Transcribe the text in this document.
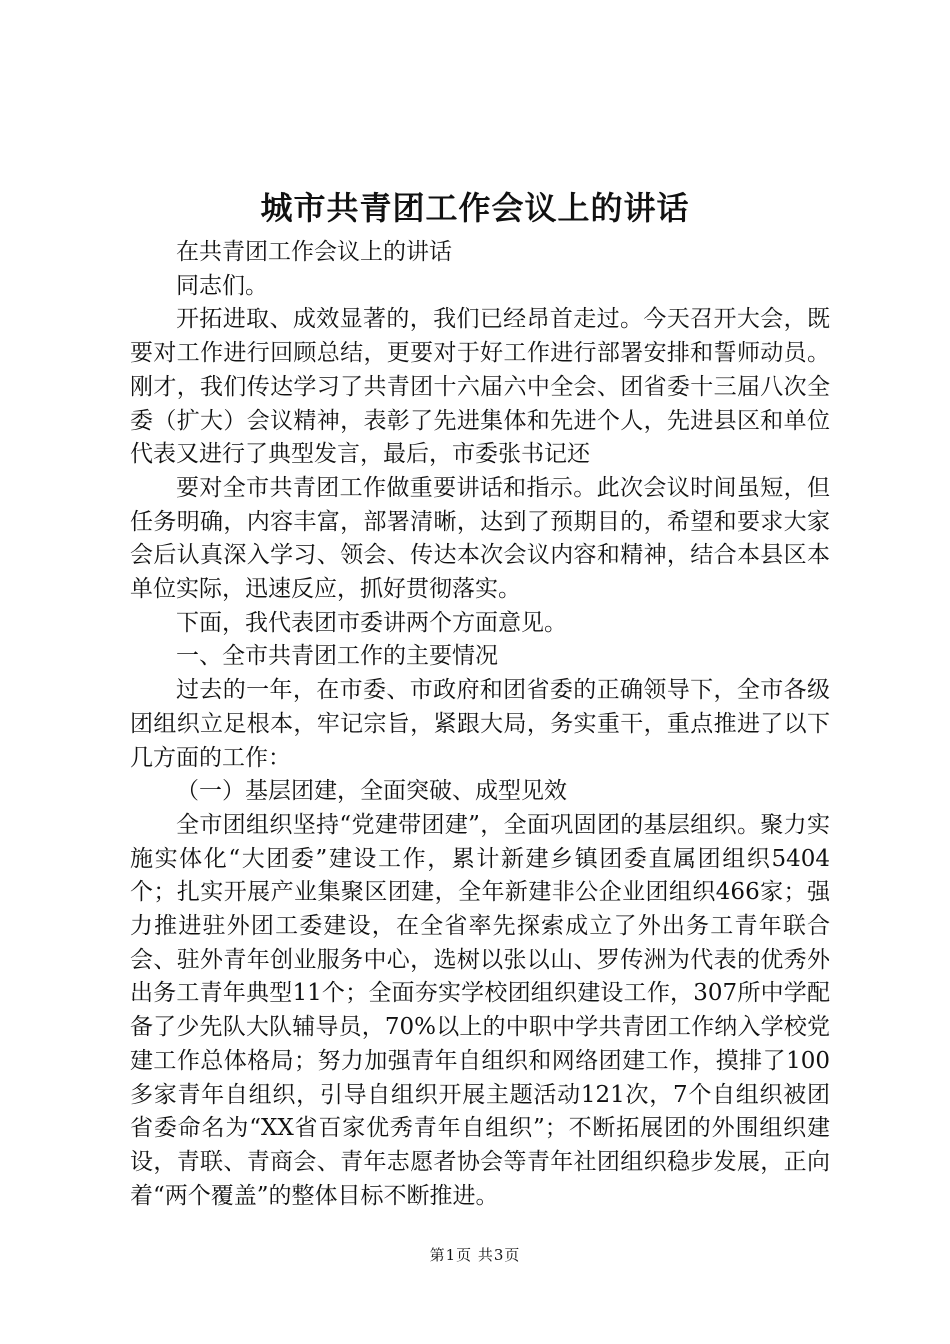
城市共青团工作会议上的讲话

在共青团工作会议上的讲话

同志们。

开拓进取、成效显著的，我们已经昂首走过。今天召开大会，既要对工作进行回顾总结，更要对于好工作进行部署安排和誓师动员。刚才，我们传达学习了共青团十六届六中全会、团省委十三届八次全委（扩大）会议精神，表彰了先进集体和先进个人，先进县区和单位代表又进行了典型发言，最后，市委张书记还

要对全市共青团工作做重要讲话和指示。此次会议时间虽短，但任务明确，内容丰富，部署清晰，达到了预期目的，希望和要求大家会后认真深入学习、领会、传达本次会议内容和精神，结合本县区本单位实际，迅速反应，抓好贯彻落实。

下面，我代表团市委讲两个方面意见。

一、全市共青团工作的主要情况

过去的一年，在市委、市政府和团省委的正确领导下，全市各级团组织立足根本，牢记宗旨，紧跟大局，务实重干，重点推进了以下几方面的工作：

（一）基层团建，全面突破、成型见效

全市团组织坚持“党建带团建”，全面巩固团的基层组织。聚力实施实体化“大团委”建设工作，累计新建乡镇团委直属团组织5404个；扎实开展产业集聚区团建，全年新建非公企业团组织466家；强力推进驻外团工委建设，在全省率先探索成立了外出务工青年联合会、驻外青年创业服务中心，选树以张以山、罗传洲为代表的优秀外出务工青年典型11个；全面夯实学校团组织建设工作，307所中学配备了少先队大队辅导员，70%以上的中职中学共青团工作纳入学校党建工作总体格局；努力加强青年自组织和网络团建工作，摸排了100多家青年自组织，引导自组织开展主题活动121次，7个自组织被团省委命名为“XX省百家优秀青年自组织”；不断拓展团的外围组织建设，青联、青商会、青年志愿者协会等青年社团组织稳步发展，正向着“两个覆盖”的整体目标不断推进。

第1页 共3页
